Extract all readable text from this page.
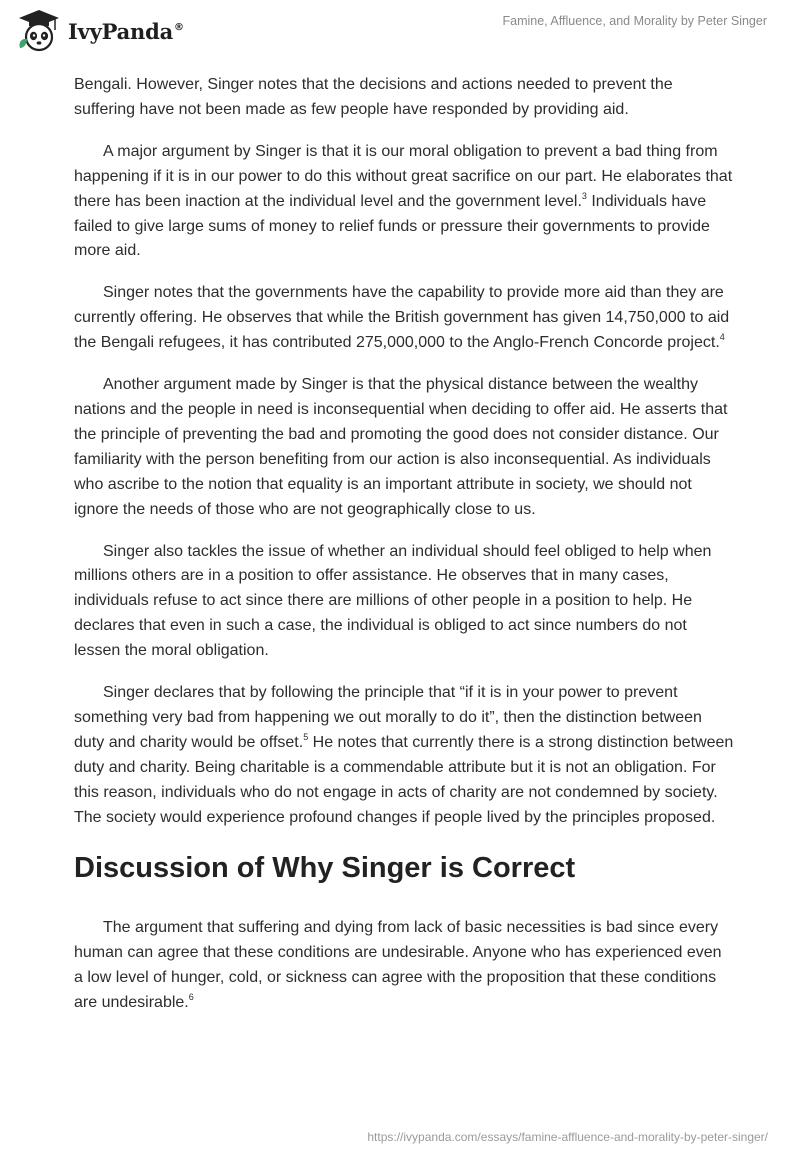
IvyPanda®	Famine, Affluence, and Morality by Peter Singer

Bengali. However, Singer notes that the decisions and actions needed to prevent the suffering have not been made as few people have responded by providing aid.

A major argument by Singer is that it is our moral obligation to prevent a bad thing from happening if it is in our power to do this without great sacrifice on our part. He elaborates that there has been inaction at the individual level and the government level.$^3$ Individuals have failed to give large sums of money to relief funds or pressure their governments to provide more aid.

Singer notes that the governments have the capability to provide more aid than they are currently offering. He observes that while the British government has given 14,750,000 to aid the Bengali refugees, it has contributed 275,000,000 to the Anglo-French Concorde project.$^4$

Another argument made by Singer is that the physical distance between the wealthy nations and the people in need is inconsequential when deciding to offer aid. He asserts that the principle of preventing the bad and promoting the good does not consider distance. Our familiarity with the person benefiting from our action is also inconsequential. As individuals who ascribe to the notion that equality is an important attribute in society, we should not ignore the needs of those who are not geographically close to us.

Singer also tackles the issue of whether an individual should feel obliged to help when millions others are in a position to offer assistance. He observes that in many cases, individuals refuse to act since there are millions of other people in a position to help. He declares that even in such a case, the individual is obliged to act since numbers do not lessen the moral obligation.

Singer declares that by following the principle that “if it is in your power to prevent something very bad from happening we out morally to do it”, then the distinction between duty and charity would be offset.$^5$ He notes that currently there is a strong distinction between duty and charity. Being charitable is a commendable attribute but it is not an obligation. For this reason, individuals who do not engage in acts of charity are not condemned by society. The society would experience profound changes if people lived by the principles proposed.

Discussion of Why Singer is Correct

The argument that suffering and dying from lack of basic necessities is bad since every human can agree that these conditions are undesirable. Anyone who has experienced even a low level of hunger, cold, or sickness can agree with the proposition that these conditions are undesirable.$^6$

https://ivypanda.com/essays/famine-affluence-and-morality-by-peter-singer/
